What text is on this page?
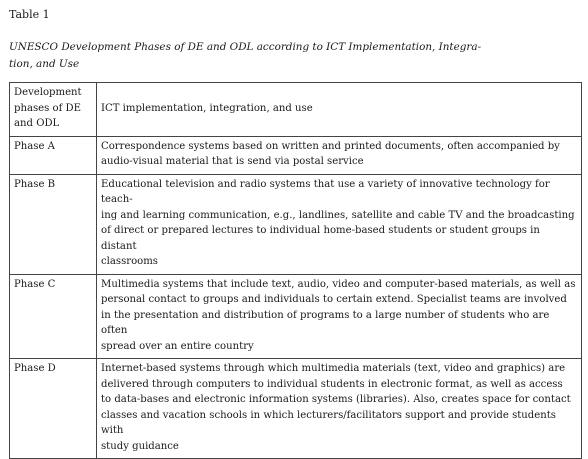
Table 1
UNESCO Development Phases of DE and ODL according to ICT Implementation, Integra-
tion, and Use
Development
phases of DE
and ODL	ICT implementation, integration, and use
Phase A	Correspondence systems based on written and printed documents, often accompanied by
audio-visual material that is send via postal service

Phase B	Educational television and radio systems that use a variety of innovative technology for teach-
ing and learning communication, e.g., landlines, satellite and cable TV and the broadcasting
of direct or prepared lectures to individual home-based students or student groups in distant
classrooms

Phase C	Multimedia systems that include text, audio, video and computer-based materials, as well as
personal contact to groups and individuals to certain extend. Specialist teams are involved
in the presentation and distribution of programs to a large number of students who are often
spread over an entire country

Phase D	Internet-based systems through which multimedia materials (text, video and graphics) are
delivered through computers to individual students in electronic format, as well as access
to data-bases and electronic information systems (libraries). Also, creates space for contact
classes and vacation schools in which lecturers/facilitators support and provide students with
study guidance
